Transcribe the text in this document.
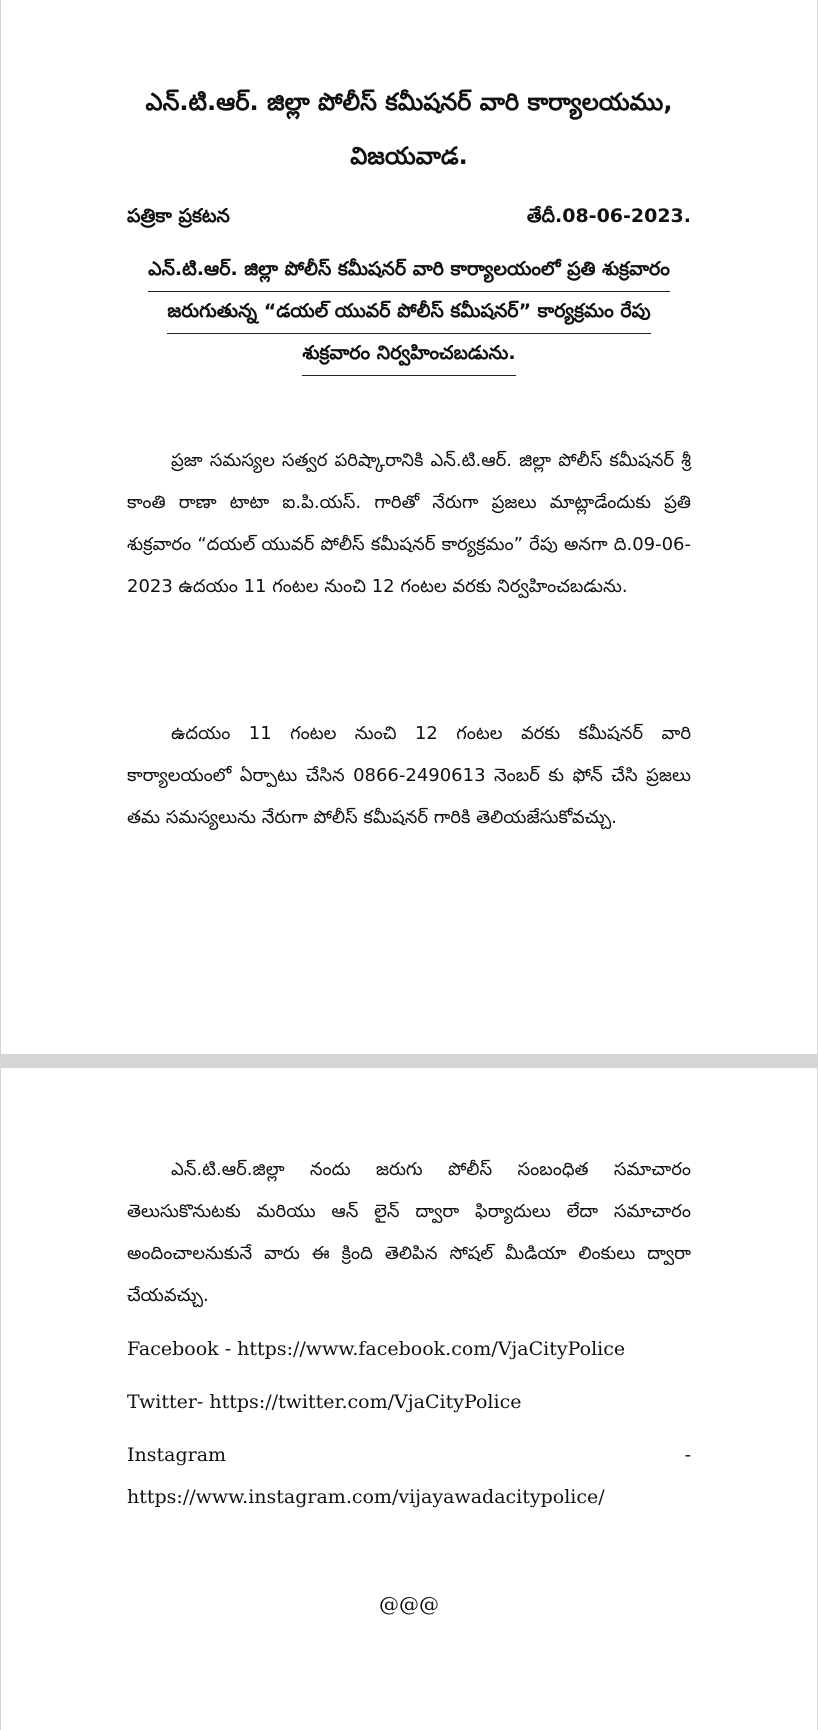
ఎన్.టి.ఆర్. జిల్లా పోలీస్ కమీషనర్ వారి కార్యాలయము,
విజయవాడ.
పత్రికా ప్రకటన	తేదీ.08-06-2023.
ఎన్.టి.ఆర్. జిల్లా పోలీస్ కమీషనర్ వారి కార్యాలయంలో ప్రతి శుక్రవారం
జరుగుతున్న “డయల్ యువర్ పోలీస్ కమీషనర్” కార్యక్రమం రేపు
శుక్రవారం నిర్వహించబడును.
ప్రజా సమస్యల సత్వర పరిష్కారానికి ఎన్.టి.ఆర్. జిల్లా పోలీస్ కమీషనర్ శ్రీ కాంతి రాణా టాటా ఐ.పి.యస్. గారితో నేరుగా ప్రజలు మాట్లాడేందుకు ప్రతి శుక్రవారం “దయల్ యువర్ పోలీస్ కమీషనర్ కార్యక్రమం” రేపు అనగా ది.09-06-2023 ఉదయం 11 గంటల నుంచి 12 గంటల వరకు నిర్వహించబడును.
ఉదయం 11 గంటల నుంచి 12 గంటల వరకు కమీషనర్ వారి కార్యాలయంలో ఏర్పాటు చేసిన 0866-2490613 నెంబర్ కు ఫోన్ చేసి ప్రజలు తమ సమస్యలును నేరుగా పోలీస్ కమీషనర్ గారికి తెలియజేసుకోవచ్చు.
ఎన్.టి.ఆర్.జిల్లా నందు జరుగు పోలీస్ సంబంధిత సమాచారం తెలుసుకొనుటకు మరియు ఆన్ లైన్ ద్వారా ఫిర్యాదులు లేదా సమాచారం అందించాలనుకునే వారు ఈ క్రింది తెలిపిన సోషల్ మీడియా లింకులు ద్వారా చేయవచ్చు.
Facebook - https://www.facebook.com/VjaCityPolice
Twitter- https://twitter.com/VjaCityPolice
Instagram	-
https://www.instagram.com/vijayawadacitypolice/
@@@
